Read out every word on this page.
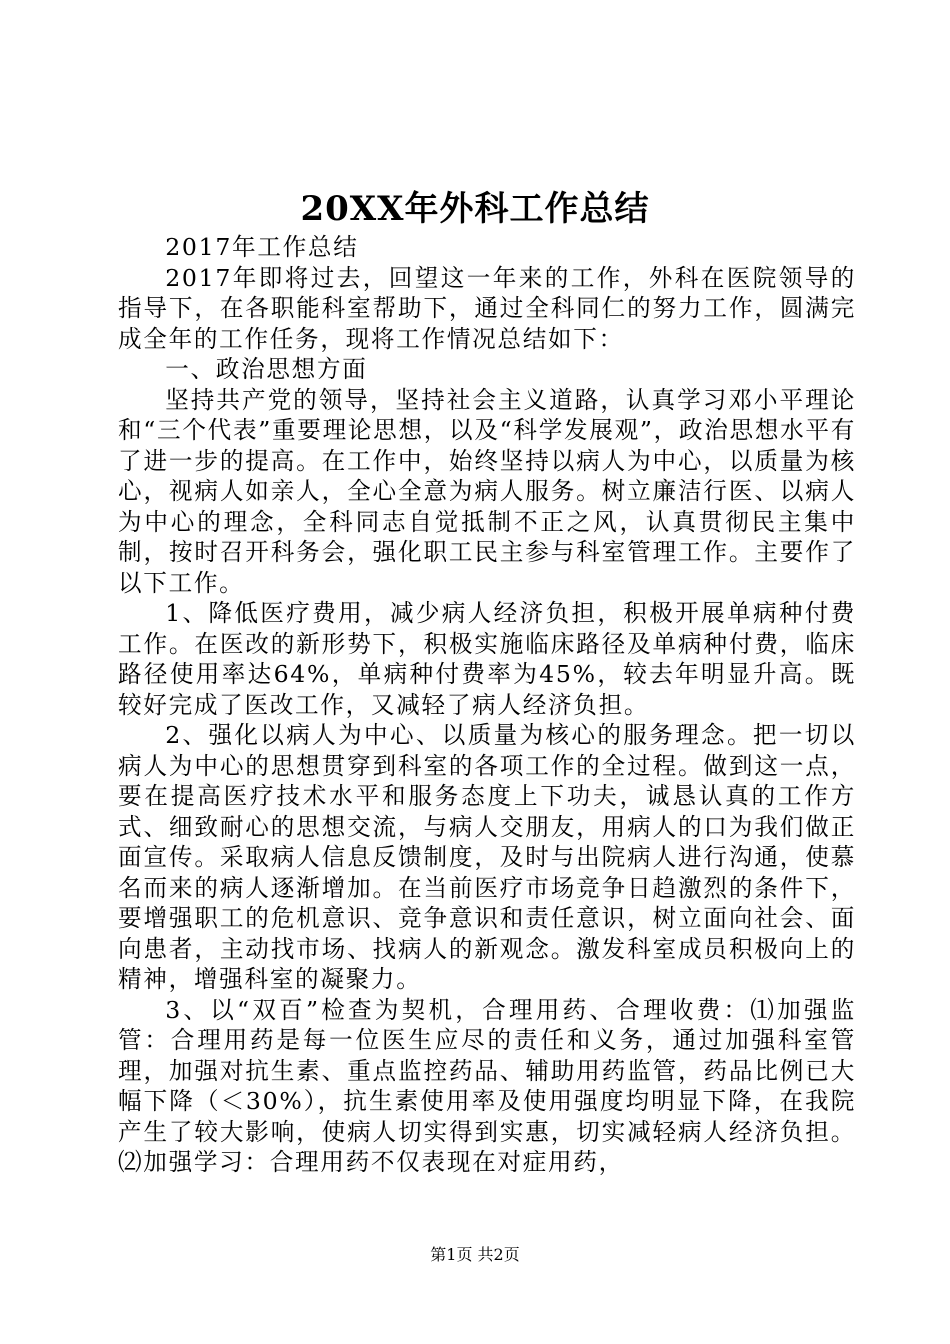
20XX年外科工作总结

2017年工作总结

2017年即将过去，回望这一年来的工作，外科在医院领导的指导下，在各职能科室帮助下，通过全科同仁的努力工作，圆满完成全年的工作任务，现将工作情况总结如下：

一、政治思想方面

坚持共产党的领导，坚持社会主义道路，认真学习邓小平理论和“三个代表”重要理论思想，以及“科学发展观”，政治思想水平有了进一步的提高。在工作中，始终坚持以病人为中心，以质量为核心，视病人如亲人，全心全意为病人服务。树立廉洁行医、以病人为中心的理念，全科同志自觉抵制不正之风，认真贯彻民主集中制，按时召开科务会，强化职工民主参与科室管理工作。主要作了以下工作。

1、降低医疗费用，减少病人经济负担，积极开展单病种付费工作。在医改的新形势下，积极实施临床路径及单病种付费，临床路径使用率达64%，单病种付费率为45%，较去年明显升高。既较好完成了医改工作，又减轻了病人经济负担。

2、强化以病人为中心、以质量为核心的服务理念。把一切以病人为中心的思想贯穿到科室的各项工作的全过程。做到这一点，要在提高医疗技术水平和服务态度上下功夫，诚恳认真的工作方式、细致耐心的思想交流，与病人交朋友，用病人的口为我们做正面宣传。采取病人信息反馈制度，及时与出院病人进行沟通，使慕名而来的病人逐渐增加。在当前医疗市场竞争日趋激烈的条件下，要增强职工的危机意识、竞争意识和责任意识，树立面向社会、面向患者，主动找市场、找病人的新观念。激发科室成员积极向上的精神，增强科室的凝聚力。

3、以“双百”检查为契机，合理用药、合理收费：⑴加强监管：合理用药是每一位医生应尽的责任和义务，通过加强科室管理，加强对抗生素、重点监控药品、辅助用药监管，药品比例已大幅下降（＜30%），抗生素使用率及使用强度均明显下降，在我院产生了较大影响，使病人切实得到实惠，切实减轻病人经济负担。⑵加强学习：合理用药不仅表现在对症用药，

第1页 共2页
